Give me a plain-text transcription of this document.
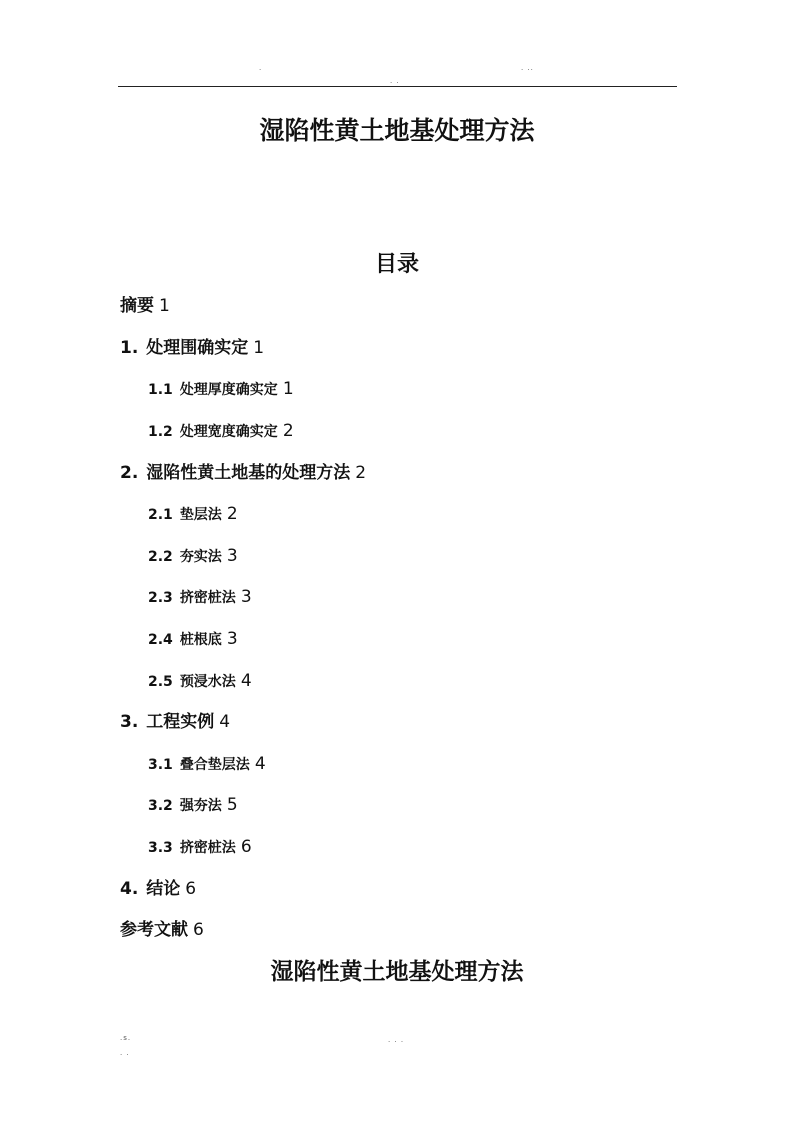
.
. .
. ..
湿陷性黄土地基处理方法
目录
摘要 1
1. 处理围确实定 1
1.1 处理厚度确实定 1
1.2 处理宽度确实定 2
2. 湿陷性黄土地基的处理方法 2
2.1 垫层法 2
2.2 夯实法 3
2.3 挤密桩法 3
2.4 桩根底 3
2.5 预浸水法 4
3. 工程实例 4
3.1 叠合垫层法 4
3.2 强夯法 5
3.3 挤密桩法 6
4. 结论 6
参考文献 6
湿陷性黄土地基处理方法
.s.	. . .
. .
